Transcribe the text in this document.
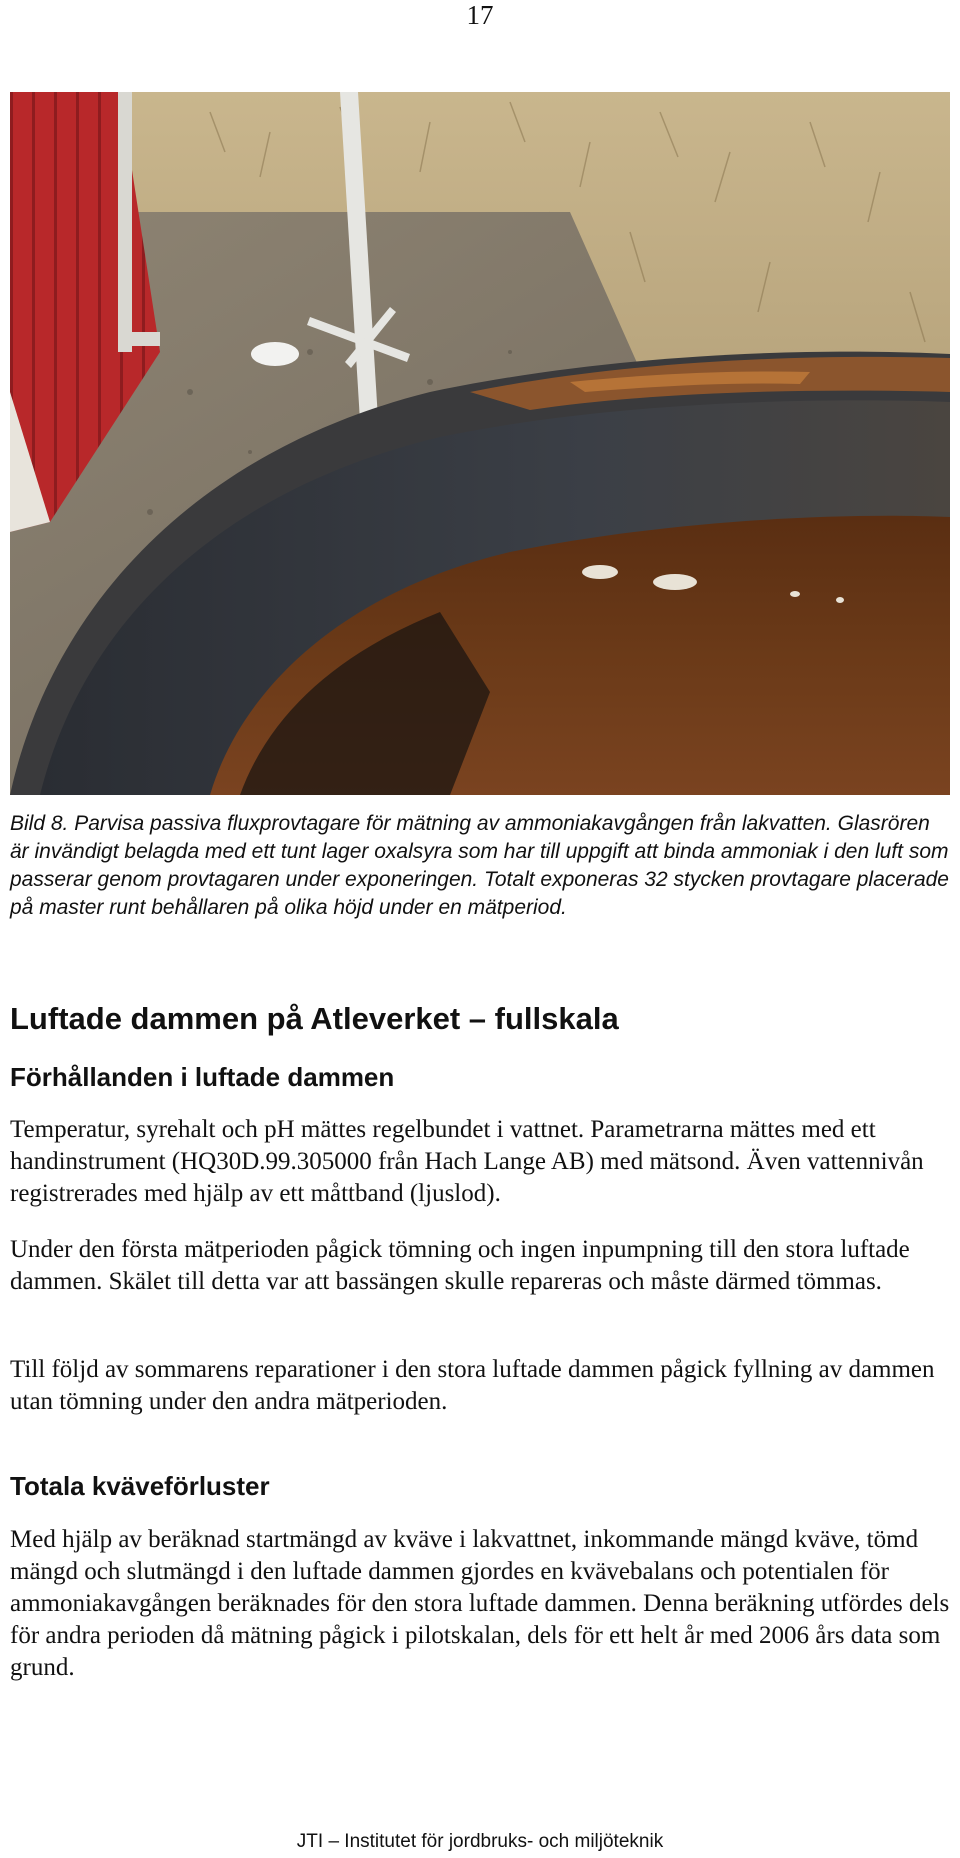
17

Bild 8. Parvisa passiva fluxprovtagare för mätning av ammoniakavgången från lakvatten. Glasrören är invändigt belagda med ett tunt lager oxalsyra som har till uppgift att binda ammoniak i den luft som passerar genom provtagaren under exponeringen. Totalt exponeras 32 stycken provtagare placerade på master runt behållaren på olika höjd under en mätperiod.

Luftade dammen på Atleverket – fullskala
Förhållanden i luftade dammen

Temperatur, syrehalt och pH mättes regelbundet i vattnet. Parametrarna mättes med ett handinstrument (HQ30D.99.305000 från Hach Lange AB) med mätsond. Även vattennivån registrerades med hjälp av ett måttband (ljuslod).

Under den första mätperioden pågick tömning och ingen inpumpning till den stora luftade dammen. Skälet till detta var att bassängen skulle repareras och måste därmed tömmas.

Till följd av sommarens reparationer i den stora luftade dammen pågick fyllning av dammen utan tömning under den andra mätperioden.

Totala kväveförluster

Med hjälp av beräknad startmängd av kväve i lakvattnet, inkommande mängd kväve, tömd mängd och slutmängd i den luftade dammen gjordes en kvävebalans och potentialen för ammoniakavgången beräknades för den stora luftade dammen. Denna beräkning utfördes dels för andra perioden då mätning pågick i pilotskalan, dels för ett helt år med 2006 års data som grund.

JTI – Institutet för jordbruks- och miljöteknik
